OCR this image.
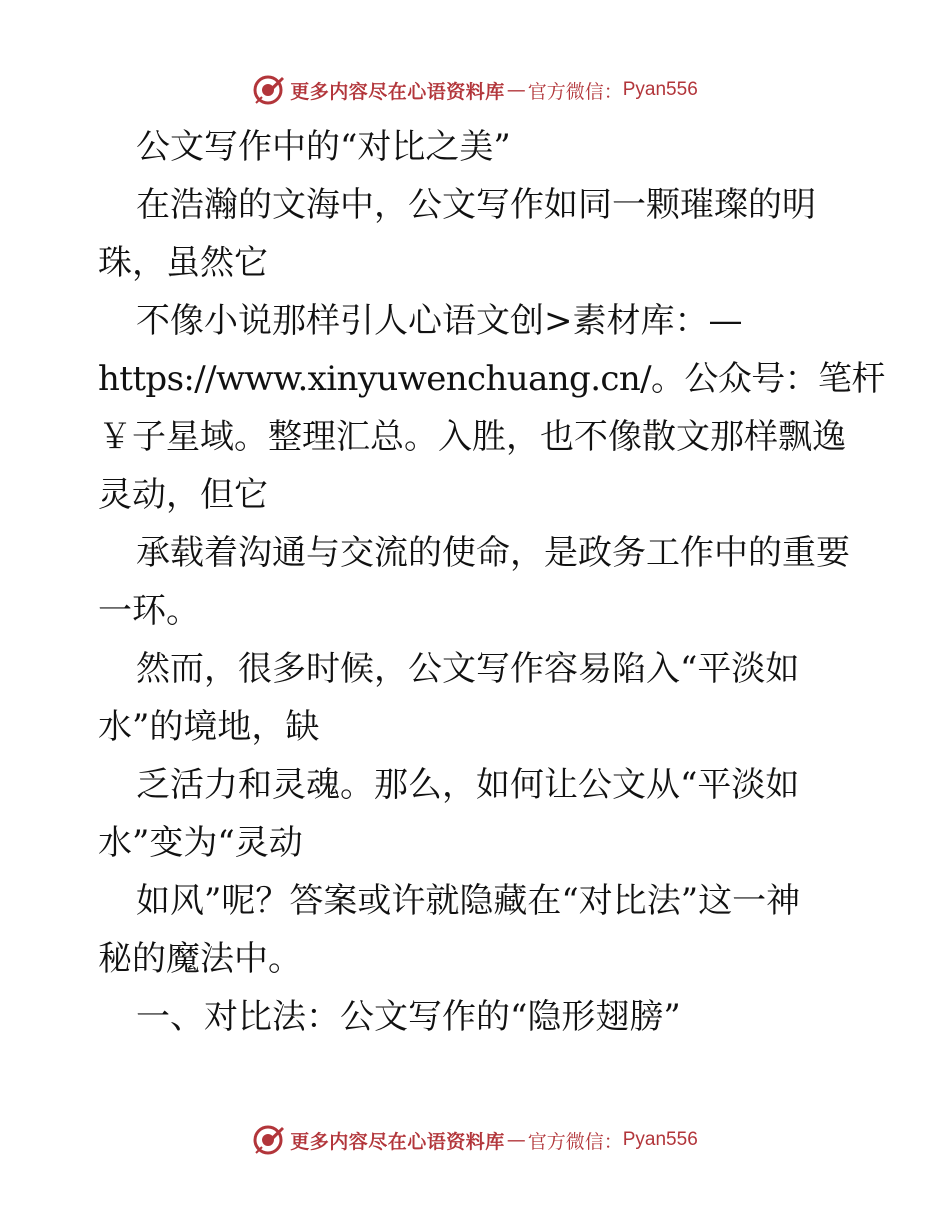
更多内容尽在心语资料库 — 官方微信： Pyan556

公文写作中的“对比之美”

在浩瀚的文海中，公文写作如同一颗璀璨的明

珠，虽然它

不像小说那样引人心语文创>素材库：—

https://www.xinyuwenchuang.cn/。公众号：笔杆

￥子星域。整理汇总。入胜，也不像散文那样飘逸

灵动，但它

承载着沟通与交流的使命，是政务工作中的重要

一环。

然而，很多时候，公文写作容易陷入“平淡如

水”的境地，缺

乏活力和灵魂。那么，如何让公文从“平淡如

水”变为“灵动

如风”呢？答案或许就隐藏在“对比法”这一神

秘的魔法中。

一、对比法：公文写作的“隐形翅膀”

更多内容尽在心语资料库 — 官方微信： Pyan556
